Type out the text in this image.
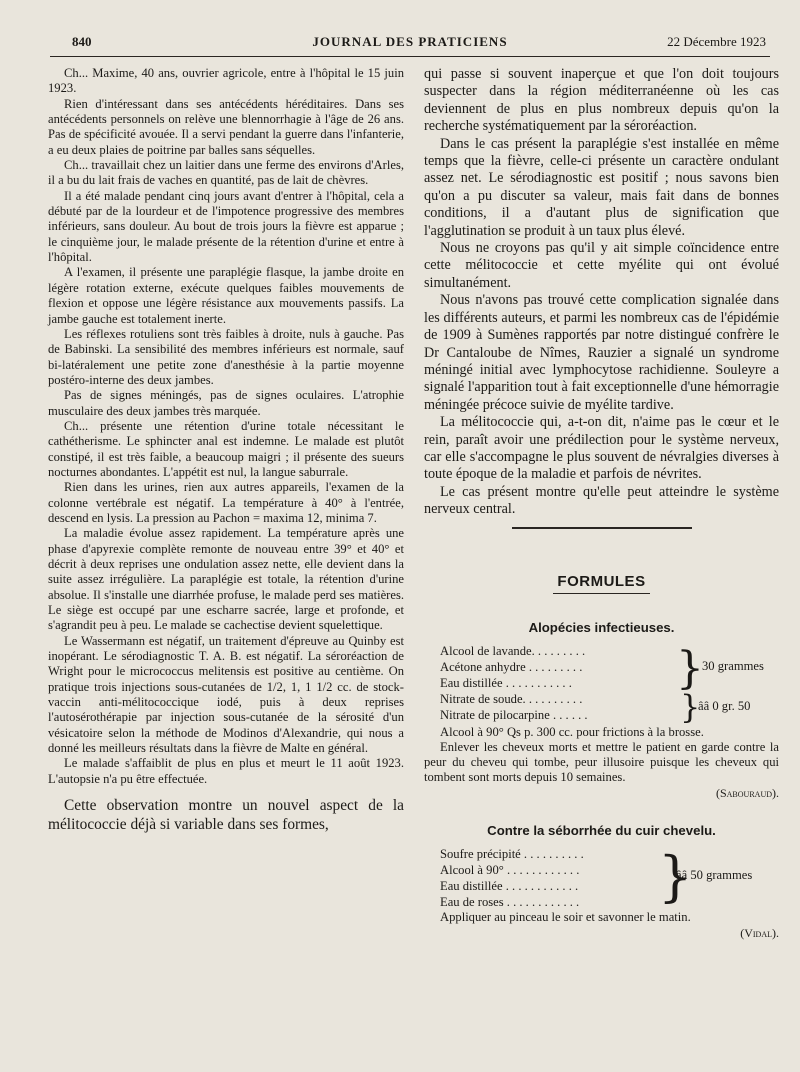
840	JOURNAL DES PRATICIENS	22 Décembre 1923

Ch... Maxime, 40 ans, ouvrier agricole, entre à l'hôpital le 15 juin 1923.

Rien d'intéressant dans ses antécédents héréditaires. Dans ses antécédents personnels on relève une blennorrhagie à l'âge de 26 ans. Pas de spécificité avouée. Il a servi pendant la guerre dans l'infanterie, a eu deux plaies de poitrine par balles sans séquelles.

Ch... travaillait chez un laitier dans une ferme des environs d'Arles, il a bu du lait frais de vaches en quantité, pas de lait de chèvres.

Il a été malade pendant cinq jours avant d'entrer à l'hôpital, cela a débuté par de la lourdeur et de l'impotence progressive des membres inférieurs, sans douleur. Au bout de trois jours la fièvre est apparue ; le cinquième jour, le malade présente de la rétention d'urine et entre à l'hôpital.

A l'examen, il présente une paraplégie flasque, la jambe droite en légère rotation externe, exécute quelques faibles mouvements de flexion et oppose une légère résistance aux mouvements passifs. La jambe gauche est totalement inerte.

Les réflexes rotuliens sont très faibles à droite, nuls à gauche. Pas de Babinski. La sensibilité des membres inférieurs est normale, sauf bi-latéralement une petite zone d'anesthésie à la partie moyenne postéro-interne des deux jambes.

Pas de signes méningés, pas de signes oculaires. L'atrophie musculaire des deux jambes très marquée.

Ch... présente une rétention d'urine totale nécessitant le cathétherisme. Le sphincter anal est indemne. Le malade est plutôt constipé, il est très faible, a beaucoup maigri ; il présente des sueurs nocturnes abondantes. L'appétit est nul, la langue saburrale.

Rien dans les urines, rien aux autres appareils, l'examen de la colonne vertébrale est négatif. La température à 40° à l'entrée, descend en lysis. La pression au Pachon = maxima 12, minima 7.

La maladie évolue assez rapidement. La température après une phase d'apyrexie complète remonte de nouveau entre 39° et 40° et décrit à deux reprises une ondulation assez nette, elle devient dans la suite assez irrégulière. La paraplégie est totale, la rétention d'urine absolue. Il s'installe une diarrhée profuse, le malade perd ses matières. Le siège est occupé par une escharre sacrée, large et profonde, et s'agrandit peu à peu. Le malade se cachectise devient squelettique.

Le Wassermann est négatif, un traitement d'épreuve au Quinby est inopérant. Le sérodiagnostic T. A. B. est négatif. La séroréaction de Wright pour le micrococcus melitensis est positive au centième. On pratique trois injections sous-cutanées de 1/2, 1, 1 1/2 cc. de stock-vaccin anti-mélitococcique iodé, puis à deux reprises l'autosérothérapie par injection sous-cutanée de la sérosité d'un vésicatoire selon la méthode de Modinos d'Alexandrie, qui nous a donné les meilleurs résultats dans la fièvre de Malte en général.

Le malade s'affaiblit de plus en plus et meurt le 11 août 1923. L'autopsie n'a pu être effectuée.

Cette observation montre un nouvel aspect de la mélitococcie déjà si variable dans ses formes,

qui passe si souvent inaperçue et que l'on doit toujours suspecter dans la région méditerranéenne où les cas deviennent de plus en plus nombreux depuis qu'on la recherche systématiquement par la séroréaction.

Dans le cas présent la paraplégie s'est installée en même temps que la fièvre, celle-ci présente un caractère ondulant assez net. Le sérodiagnostic est positif ; nous savons bien qu'on a pu discuter sa valeur, mais fait dans de bonnes conditions, il a d'autant plus de signification que l'agglutination se produit à un taux plus élevé.

Nous ne croyons pas qu'il y ait simple coïncidence entre cette mélitococcie et cette myélite qui ont évolué simultanément.

Nous n'avons pas trouvé cette complication signalée dans les différents auteurs, et parmi les nombreux cas de l'épidémie de 1909 à Sumènes rapportés par notre distingué confrère le Dr Cantaloube de Nîmes, Rauzier a signalé un syndrome méningé initial avec lymphocytose rachidienne. Souleyre a signalé l'apparition tout à fait exceptionnelle d'une hémorragie méningée précoce suivie de myélite tardive.

La mélitococcie qui, a-t-on dit, n'aime pas le cœur et le rein, paraît avoir une prédilection pour le système nerveux, car elle s'accompagne le plus souvent de névralgies diverses à toute époque de la maladie et parfois de névrites.

Le cas présent montre qu'elle peut atteindre le système nerveux central.

FORMULES
Alopécies infectieuses.
Alcool de lavande. . . . . . . . .
Acétone anhydre . . . . . . . . .
Eau distillée . . . . . . . . . . .	}
30 grammes
Nitrate de soude. . . . . . . . . .
Nitrate de pilocarpine . . . . . .	}
ââ 0 gr. 50
Alcool à 90° Qs p. 300 cc. pour frictions à la brosse.

Enlever les cheveux morts et mettre le patient en garde contre la peur du cheveu qui tombe, peur illusoire puisque les cheveux qui tombent sont morts depuis 10 semaines.

(Sabouraud).
Contre la séborrhée du cuir chevelu.
Soufre précipité . . . . . . . . . .
Alcool à 90° . . . . . . . . . . . .
Eau distillée . . . . . . . . . . . .
Eau de roses . . . . . . . . . . . .	}
ââ 50 grammes

Appliquer au pinceau le soir et savonner le matin.

(Vidal).
